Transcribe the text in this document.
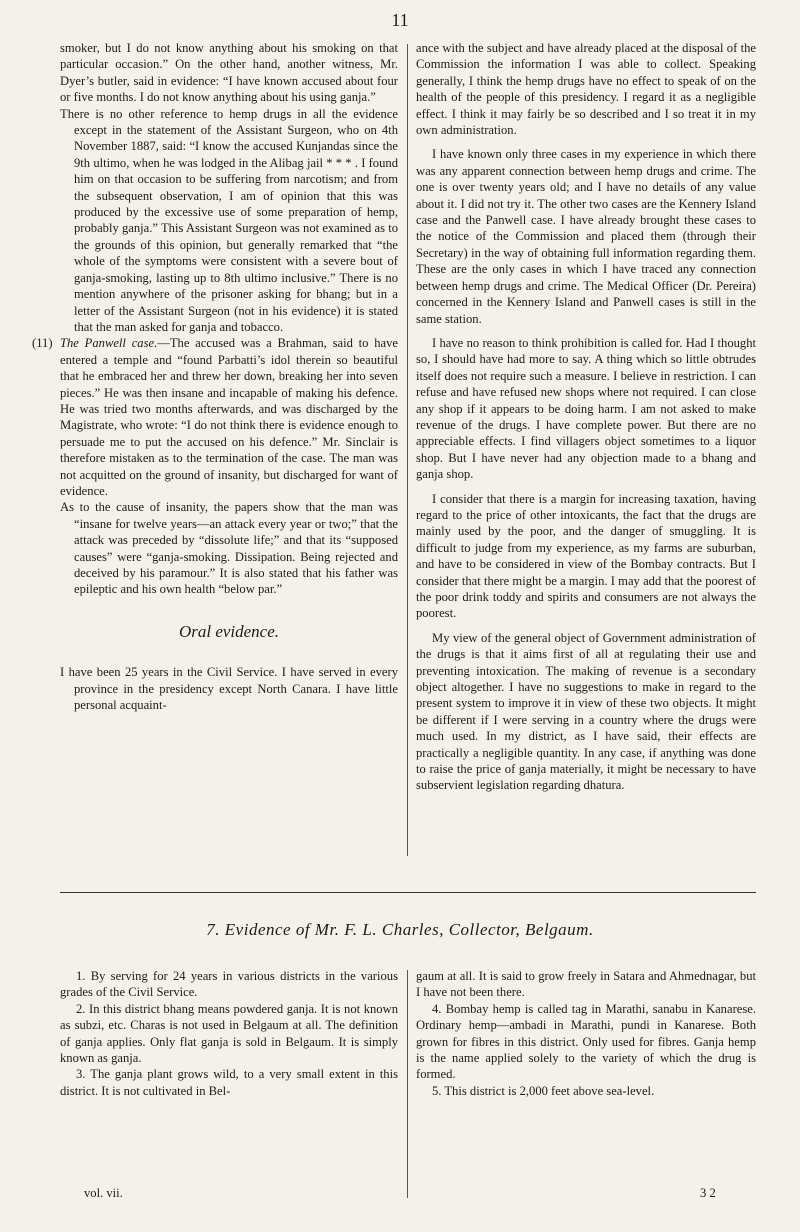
11

smoker, but I do not know anything about his smoking on that particular occasion.” On the other hand, another witness, Mr. Dyer’s butler, said in evidence: “I have known accused about four or five months. I do not know anything about his using ganja.”

There is no other reference to hemp drugs in all the evidence except in the statement of the Assistant Surgeon, who on 4th November 1887, said: “I know the accused Kunjandas since the 9th ultimo, when he was lodged in the Alibag jail * * * . I found him on that occasion to be suffering from narcotism; and from the subsequent observation, I am of opinion that this was produced by the excessive use of some preparation of hemp, probably ganja.” This Assistant Surgeon was not examined as to the grounds of this opinion, but generally remarked that “the whole of the symptoms were consistent with a severe bout of ganja-smoking, lasting up to 8th ultimo inclusive.” There is no mention anywhere of the prisoner asking for bhang; but in a letter of the Assistant Surgeon (not in his evidence) it is stated that the man asked for ganja and tobacco.

(11) The Panwell case.—The accused was a Brahman, said to have entered a temple and “found Parbatti’s idol therein so beautiful that he embraced her and threw her down, breaking her into seven pieces.” He was then insane and incapable of making his defence. He was tried two months afterwards, and was discharged by the Magistrate, who wrote: “I do not think there is evidence enough to persuade me to put the accused on his defence.” Mr. Sinclair is therefore mistaken as to the termination of the case. The man was not acquitted on the ground of insanity, but discharged for want of evidence.

As to the cause of insanity, the papers show that the man was “insane for twelve years—an attack every year or two;” that the attack was preceded by “dissolute life;” and that its “supposed causes” were “ganja-smoking. Dissipation. Being rejected and deceived by his paramour.” It is also stated that his father was epileptic and his own health “below par.”

Oral evidence.

I have been 25 years in the Civil Service. I have served in every province in the presidency except North Canara. I have little personal acquaint-

ance with the subject and have already placed at the disposal of the Commission the information I was able to collect. Speaking generally, I think the hemp drugs have no effect to speak of on the health of the people of this presidency. I regard it as a negligible effect. I think it may fairly be so described and I so treat it in my own administration.

I have known only three cases in my experience in which there was any apparent connection between hemp drugs and crime. The one is over twenty years old; and I have no details of any value about it. I did not try it. The other two cases are the Kennery Island case and the Panwell case. I have already brought these cases to the notice of the Commission and placed them (through their Secretary) in the way of obtaining full information regarding them. These are the only cases in which I have traced any connection between hemp drugs and crime. The Medical Officer (Dr. Pereira) concerned in the Kennery Island and Panwell cases is still in the same station.

I have no reason to think prohibition is called for. Had I thought so, I should have had more to say. A thing which so little obtrudes itself does not require such a measure. I believe in restriction. I can refuse and have refused new shops where not required. I can close any shop if it appears to be doing harm. I am not asked to make revenue of the drugs. I have complete power. But there are no appreciable effects. I find villagers object sometimes to a liquor shop. But I have never had any objection made to a bhang and ganja shop.

I consider that there is a margin for increasing taxation, having regard to the price of other intoxicants, the fact that the drugs are mainly used by the poor, and the danger of smuggling. It is difficult to judge from my experience, as my farms are suburban, and have to be considered in view of the Bombay contracts. But I consider that there might be a margin. I may add that the poorest of the poor drink toddy and spirits and consumers are not always the poorest.

My view of the general object of Government administration of the drugs is that it aims first of all at regulating their use and preventing intoxication. The making of revenue is a secondary object altogether. I have no suggestions to make in regard to the present system to improve it in view of these two objects. It might be different if I were serving in a country where the drugs were much used. In my district, as I have said, their effects are practically a negligible quantity. In any case, if anything was done to raise the price of ganja materially, it might be necessary to have subservient legislation regarding dhatura.

7. Evidence of Mr. F. L. Charles, Collector, Belgaum.

1. By serving for 24 years in various districts in the various grades of the Civil Service.

2. In this district bhang means powdered ganja. It is not known as subzi, etc. Charas is not used in Belgaum at all. The definition of ganja applies. Only flat ganja is sold in Belgaum. It is simply known as ganja.

3. The ganja plant grows wild, to a very small extent in this district. It is not cultivated in Bel-

gaum at all. It is said to grow freely in Satara and Ahmednagar, but I have not been there.

4. Bombay hemp is called tag in Marathi, sanabu in Kanarese. Ordinary hemp—ambadi in Marathi, pundi in Kanarese. Both grown for fibres in this district. Only used for fibres. Ganja hemp is the name applied solely to the variety of which the drug is formed.

5. This district is 2,000 feet above sea-level.

vol. vii.	3 2
